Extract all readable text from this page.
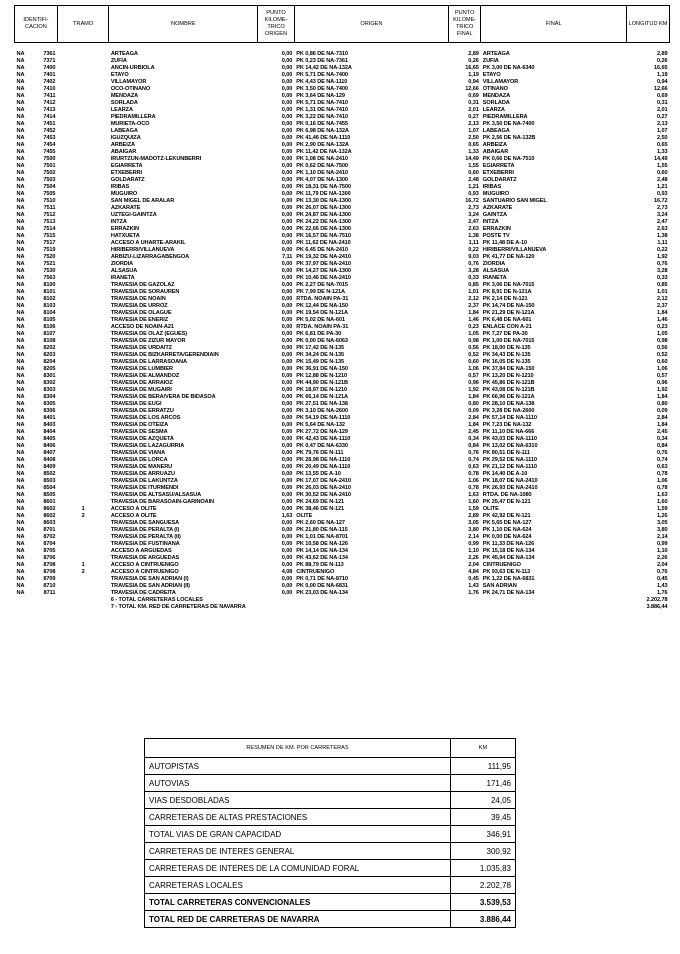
IDENTIFI-CACION		TRAMO	NOMBRE	PUNTO KILOME-TRICO ORIGEN	ORIGEN	PUNTO KILOME-TRICO FINAL	FINAL	LONGITUD KM

NA	7361		ARTEAGA	0,00	PK 0,86 DE NA-7310	2,89	ARTEAGA	2,89
NA	7371		ZUFIA	0,00	PK 0,23 DE NA-7361	0,26	ZUFIA	0,26
NA	7400		ANCIN-URBIOLA	0,00	PK 14,42 DE NA-132A	16,65	PK 3,00 DE NA-6340	16,65
NA	7401		ETAYO	0,00	PK 5,71 DE NA-7400	1,19	ETAYO	1,19
NA	7402		VILLAMAYOR	0,00	PK 4,43 DE NA-1110	0,94	VILLAMAYOR	0,94
NA	7410		OCO-OTIÑANO	0,00	PK 3,50 DE NA-7400	12,66	OTIÑANO	12,66
NA	7411		MENDAZA	0,00	PK 3,64 DE NA-129	0,69	MENDAZA	0,69
NA	7412		SORLADA	0,00	PK 5,71 DE NA-7410	0,31	SORLADA	0,31
NA	7413		LEARZA	0,00	PK 1,31 DE NA-7410	2,01	LEARZA	2,01
NA	7414		PIEDRAMILLERA	0,00	PK 3,22 DE NA-7410	0,27	PIEDRAMILLERA	0,27
NA	7451		MURIETA-OCO	0,00	PK 0,16 DE NA-7455	2,13	PK 3,50 DE NA-7400	2,13
NA	7452		LABEAGA	0,00	PK 6,98 DE NA-132A	1,07	LABEAGA	1,07
NA	7453		IGUZQUIZA	0,00	PK 41,46 DE NA-1110	2,50	PK 2,56 DE NA-132B	2,50
NA	7454		ARBEIZA	0,00	PK 2,90 DE NA-132A	0,65	ARBEIZA	0,65
NA	7455		ABAIGAR	0,00	PK 11,42 DE NA-132A	1,33	ABAIGAR	1,33
NA	7500		IRURTZUN-MADOTZ-LEKUNBERRI	0,00	PK 1,08 DE NA-2410	14,49	PK 0,66 DE NA-7510	14,49
NA	7501		EGIARRETA	0,00	PK 0,62 DE NA-7500	1,55	EGIARRETA	1,55
NA	7502		ETXEBERRI	0,00	PK 1,10 DE NA-2410	0,60	ETXEBERRI	0,60
NA	7503		GOLDARATZ	0,00	PK 4,07 DE NA-1300	2,48	GOLDARATZ	2,48
NA	7504		IRIBAS	0,00	PK 18,31 DE NA-7500	1,21	IRIBAS	1,21
NA	7505		MUGUIRO	0,00	PK 11,79 DE NA-1300	0,93	MUGUIRO	0,93
NA	7510		SAN MIGEL DE ARALAR	0,00	PK 13,30 DE NA-1300	16,72	SANTUARIO SAN MIGEL	16,72
NA	7511		AZKARATE	0,00	PK 26,07 DE NA-1300	2,73	AZKARATE	2,73
NA	7512		UZTEGI-GAINTZA	0,00	PK 24,87 DE NA-1300	3,24	GAINTZA	3,24
NA	7513		INTZA	0,00	PK 24,22 DE NA-1300	2,47	INTZA	2,47
NA	7514		ERRAZKIN	0,00	PK 22,66 DE NA-1300	2,63	ERRAZKIN	2,63
NA	7515		HATXUETA	0,00	PK 16,57 DE NA-7510	1,38	POSTE TV	1,38
NA	7517		ACCESO A UHARTE-ARAKIL	0,00	PK 11,62 DE NA-2410	1,11	PK 11,48 DE A-10	1,11
NA	7519		HIRIBERRI/VILLANUEVA	0,00	PK 6,45 DE NA-2410	0,22	HIRIBERRI/VILLANUEVA	0,22
NA	7520		ARBIZU-LIZARRAGABENGOA	7,11	PK 19,32 DE NA-2410	9,03	PK 41,77 DE NA-120	1,92
NA	7521		ZIORDIA	0,00	PK 37,97 DE NA-2410	0,76	ZIORDIA	0,76
NA	7530		ALSASUA	0,00	PK 14,27 DE NA-1300	3,28	ALSASUA	3,28
NA	7563		IRANETA	0,00	PK 10,46 DE NA-2410	0,33	IRANETA	0,33
NA	8100		TRAVESIA DE GAZOLAZ	0,00	PK 2,27 DE NA-7015	0,85	PK 3,06 DE NA-7015	0,85
NA	8101		TRAVESIA DE SORAUREN	0,00	PK 7,99 DE N-121A	1,01	PK 8,91 DE N-121A	1,01
NA	8102		TRAVESIA DE NOAIN	0,00	RTDA. NOAIN PA-31	2,12	PK 2,14 DE N-121	2,12
NA	8103		TRAVESIA DE URROZ	0,00	PK 12,44 DE NA-150	2,37	PK 14,74 DE NA-150	2,37
NA	8104		TRAVESIA DE OLAGUE	0,00	PK 19,54 DE N-121A	1,84	PK 21,29 DE N-121A	1,84
NA	8105		TRAVESIA DE ENERIZ	0,00	PK 5,02 DE NA-601	1,46	PK 6,48 DE NA-601	1,46
NA	8106		ACCESO DE NOAIN-A21	0,00	RTDA. NOAIN PA-31	0,23	ENLACE CON A-21	0,23
NA	8107		TRAVESIA DE OLAZ (EGUES)	0,00	PK 6,81 DE PA-30	1,05	PK 7,27 DE PA-30	1,05
NA	8108		TRAVESIA DE ZIZUR MAYOR	0,00	PK 0,00 DE NA-6063	0,98	PK 1,00 DE NA-7015	0,98
NA	8202		TRAVESIA DE URDAITZ	0,00	PK 17,42 DE N-135	0,56	PK 18,00 DE N-135	0,56
NA	8203		TRAVESIA DE BIZKARRETA/GERENDIAIN	0,00	PK 34,24 DE N-135	0,52	PK 34,43 DE N-135	0,52
NA	8204		TRAVESIA DE LARRASOAÑA	0,00	PK 15,49 DE N-135	0,60	PK 16,05 DE N-135	0,60
NA	8205		TRAVESIA DE LUMBIER	0,00	PK 36,91 DE NA-150	1,06	PK 37,84 DE NA-150	1,06
NA	8301		TRAVESIA DE ALMANDOZ	0,00	PK 12,88 DE N-1210	0,57	PK 13,20 DE N-1210	0,57
NA	8302		TRAVESIA DE ARRAIOZ	0,00	PK 44,90 DE N-121B	0,96	PK 45,86 DE N-121B	0,96
NA	8303		TRAVESIA DE MUGAIRI	0,00	PK 18,97 DE N-1210	1,92	PK 43,08 DE N-121B	1,92
NA	8304		TRAVESIA DE BERA/VERA DE BIDASOA	0,00	PK 66,14 DE N-121A	1,84	PK 66,96 DE N-121A	1,84
NA	8305		TRAVESIA DE EUGI	0,00	PK 27,51 DE NA-138	0,80	PK 28,10 DE NA-138	0,80
NA	8306		TRAVESIA DE ERRATZU	0,00	PK 3,10 DE NA-2600	0,09	PK 3,28 DE NA-2600	0,09
NA	8401		TRAVESIA DE LOS ARCOS	0,00	PK 54,19 DE NA-1110	2,84	PK 57,14 DE NA-1110	2,84
NA	8403		TRAVESIA DE OTEIZA	0,00	PK 5,64 DE NA-132	1,84	PK 7,23 DE NA-132	1,84
NA	8404		TRAVESIA DE SESMA	0,00	PK 27,72 DE NA-129	2,45	PK 11,10 DE NA-666	2,45
NA	8405		TRAVESIA DE AZQUETA	0,00	PK 42,43 DE NA-1110	0,34	PK 43,03 DE NA-1110	0,34
NA	8406		TRAVESIA DE LAZAGURRIA	0,00	PK 0,47 DE NA-6330	0,84	PK 13,02 DE NA-6310	0,84
NA	8407		TRAVESIA DE VIANA	0,00	PK 79,76 DE N-111	0,76	PK 80,51 DE N-111	0,76
NA	8408		TRAVESIA DE LORCA	0,00	PK 28,98 DE NA-1110	0,74	PK 29,52 DE NA-1110	0,74
NA	8409		TRAVESIA DE MAÑERU	0,00	PK 20,49 DE NA-1110	0,63	PK 21,12 DE NA-1110	0,63
NA	8502		TRAVESIA DE ARRUAZU	0,00	PK 13,55 DE A-10	0,78	PK 14,40 DE A-10	0,78
NA	8503		TRAVESIA DE LAKUNTZA	0,00	PK 17,07 DE NA-2410	1,06	PK 18,07 DE NA-2410	1,06
NA	8504		TRAVESIA DE ITURMENDI	0,00	PK 26,03 DE NA-2410	0,78	PK 26,93 DE NA-2410	0,78
NA	8505		TRAVESIA DE ALTSASU/ALSASUA	0,00	PK 30,52 DE NA-2410	1,63	RTDA. DE NA-1080	1,63
NA	8601		TRAVESIA DE BARASOAIN-GARINOAIN	0,00	PK 24,69 DE N-121	1,60	PK 25,47 DE N-121	1,60
NA	8602	1	ACCESO A OLITE	0,00	PK 38,46 DE N-121	1,59	OLITE	1,59
NA	8602	2	ACCESO A OLITE	1,63	OLITE	2,89	PK 42,92 DE N-121	1,26
NA	8603		TRAVESIA DE SANGÜESA	0,00	PK 2,60 DE NA-127	3,05	PK 5,65 DE NA-127	3,05
NA	8701		TRAVESIA DE PERALTA (I)	0,00	PK 21,80 DE NA-115	3,80	PK 1,10 DE NA-624	3,80
NA	8702		TRAVESIA DE PERALTA (II)	0,00	PK 1,01 DE NA-8701	2,14	PK 0,00 DE NA-624	2,14
NA	8704		TRAVESIA DE FUSTIÑANA	0,00	PK 10,58 DE NA-126	0,99	PK 11,33 DE NA-126	0,99
NA	8705		ACCESO A ARGUEDAS	0,00	PK 14,14 DE NA-134	1,10	PK 15,18 DE NA-134	1,10
NA	8706		TRAVESIA DE ARGUEDAS	0,00	PK 43,62 DE NA-134	2,26	PK 45,94 DE NA-134	2,26
NA	8708	1	ACCESO A CINTRUENIGO	0,00	PK 88,79 DE N-113	2,04	CINTRUENIGO	2,04
NA	8708	2	ACCESO A CINTRUENIGO	4,08	CINTRUENIGO	4,84	PK 93,63 DE N-113	0,76
NA	8709		TRAVESIA DE SAN ADRIAN (I)	0,00	PK 0,71 DE NA-8710	0,45	PK 1,22 DE NA-6831	0,45
NA	8710		TRAVESIA DE SAN ADRIAN (II)	0,00	PK 0,00 DE NA-6831	1,43	SAN ADRIAN	1,43
NA	8711		TRAVESIA DE CADREITA	0,00	PK 23,03 DE NA-134	1,76	PK 24,71 DE NA-134	1,76
			6 - TOTAL CARRETERAS LOCALES					2.202,78
			7 - TOTAL KM. RED DE CARRETERAS DE NAVARRA					3.886,44
RESUMEN DE KM. POR CARRETERAS	KM
AUTOPISTAS	111,95
AUTOVIAS	171,46
VIAS DESDOBLADAS	24,05
CARRETERAS DE ALTAS PRESTACIONES	39,45
TOTAL VIAS DE GRAN CAPACIDAD	346,91
CARRETERAS DE INTERES GENERAL	300,92
CARRETERAS DE INTERES DE LA COMUNIDAD FORAL	1.035,83
CARRETERAS LOCALES	2.202,78
TOTAL CARRETERAS CONVENCIONALES	3.539,53
TOTAL RED DE CARRETERAS DE NAVARRA	3.886,44
